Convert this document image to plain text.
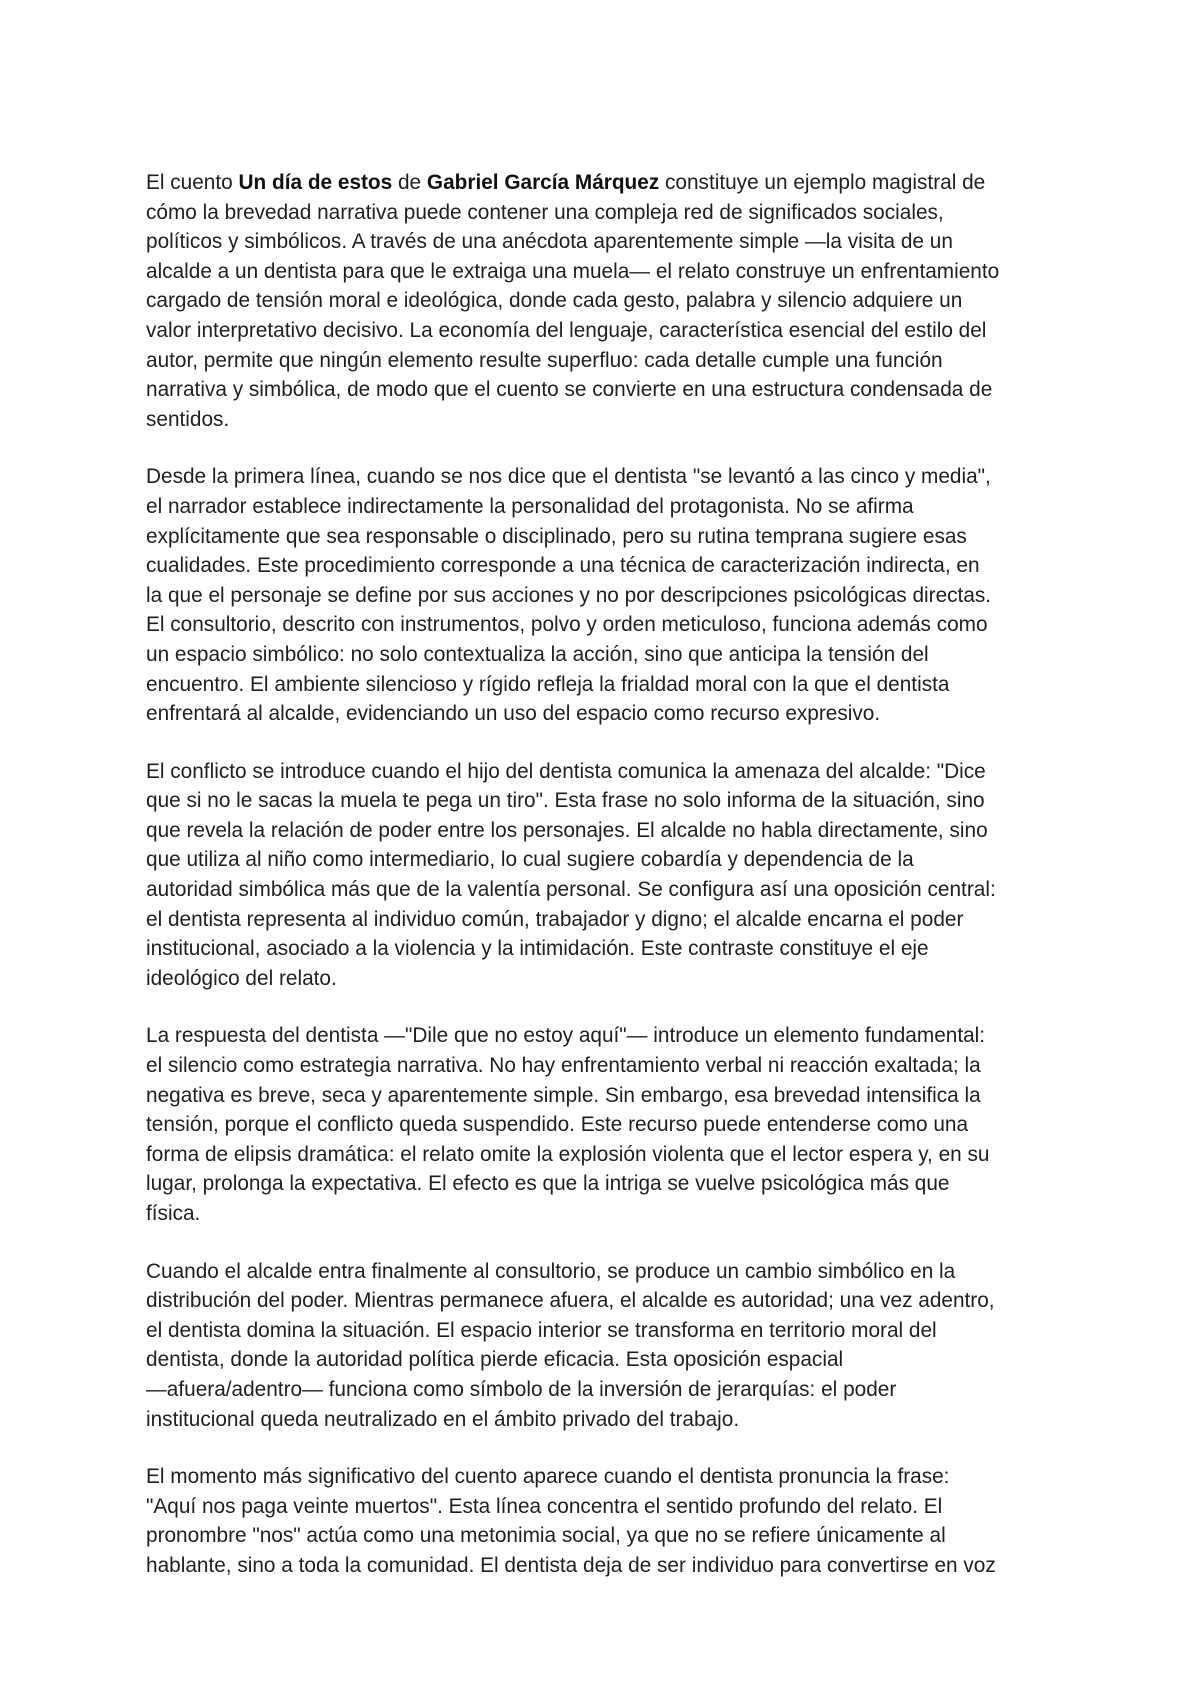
El cuento Un día de estos de Gabriel García Márquez constituye un ejemplo magistral de
cómo la brevedad narrativa puede contener una compleja red de significados sociales,
políticos y simbólicos. A través de una anécdota aparentemente simple —la visita de un
alcalde a un dentista para que le extraiga una muela— el relato construye un enfrentamiento
cargado de tensión moral e ideológica, donde cada gesto, palabra y silencio adquiere un
valor interpretativo decisivo. La economía del lenguaje, característica esencial del estilo del
autor, permite que ningún elemento resulte superfluo: cada detalle cumple una función
narrativa y simbólica, de modo que el cuento se convierte en una estructura condensada de
sentidos.

Desde la primera línea, cuando se nos dice que el dentista "se levantó a las cinco y media",
el narrador establece indirectamente la personalidad del protagonista. No se afirma
explícitamente que sea responsable o disciplinado, pero su rutina temprana sugiere esas
cualidades. Este procedimiento corresponde a una técnica de caracterización indirecta, en
la que el personaje se define por sus acciones y no por descripciones psicológicas directas.
El consultorio, descrito con instrumentos, polvo y orden meticuloso, funciona además como
un espacio simbólico: no solo contextualiza la acción, sino que anticipa la tensión del
encuentro. El ambiente silencioso y rígido refleja la frialdad moral con la que el dentista
enfrentará al alcalde, evidenciando un uso del espacio como recurso expresivo.

El conflicto se introduce cuando el hijo del dentista comunica la amenaza del alcalde: "Dice
que si no le sacas la muela te pega un tiro". Esta frase no solo informa de la situación, sino
que revela la relación de poder entre los personajes. El alcalde no habla directamente, sino
que utiliza al niño como intermediario, lo cual sugiere cobardía y dependencia de la
autoridad simbólica más que de la valentía personal. Se configura así una oposición central:
el dentista representa al individuo común, trabajador y digno; el alcalde encarna el poder
institucional, asociado a la violencia y la intimidación. Este contraste constituye el eje
ideológico del relato.

La respuesta del dentista —"Dile que no estoy aquí"— introduce un elemento fundamental:
el silencio como estrategia narrativa. No hay enfrentamiento verbal ni reacción exaltada; la
negativa es breve, seca y aparentemente simple. Sin embargo, esa brevedad intensifica la
tensión, porque el conflicto queda suspendido. Este recurso puede entenderse como una
forma de elipsis dramática: el relato omite la explosión violenta que el lector espera y, en su
lugar, prolonga la expectativa. El efecto es que la intriga se vuelve psicológica más que
física.

Cuando el alcalde entra finalmente al consultorio, se produce un cambio simbólico en la
distribución del poder. Mientras permanece afuera, el alcalde es autoridad; una vez adentro,
el dentista domina la situación. El espacio interior se transforma en territorio moral del
dentista, donde la autoridad política pierde eficacia. Esta oposición espacial
—afuera/adentro— funciona como símbolo de la inversión de jerarquías: el poder
institucional queda neutralizado en el ámbito privado del trabajo.

El momento más significativo del cuento aparece cuando el dentista pronuncia la frase:
"Aquí nos paga veinte muertos". Esta línea concentra el sentido profundo del relato. El
pronombre "nos" actúa como una metonimia social, ya que no se refiere únicamente al
hablante, sino a toda la comunidad. El dentista deja de ser individuo para convertirse en voz
